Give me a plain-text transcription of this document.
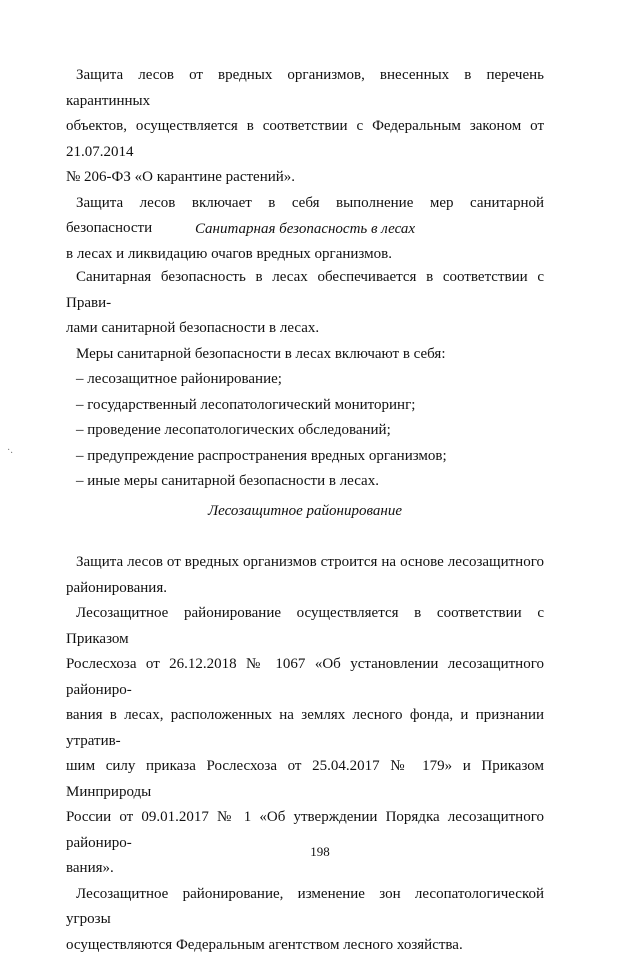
·.

Защита лесов от вредных организмов, внесенных в перечень карантинных
объектов, осуществляется в соответствии с Федеральным законом от 21.07.2014
№ 206-ФЗ «О карантине растений».

Защита лесов включает в себя выполнение мер санитарной безопасности
в лесах и ликвидацию очагов вредных организмов.

Санитарная безопасность в лесах

Санитарная безопасность в лесах обеспечивается в соответствии с Прави-
лами санитарной безопасности в лесах.

Меры санитарной безопасности в лесах включают в себя:

– лесозащитное районирование;

– государственный лесопатологический мониторинг;

– проведение лесопатологических обследований;

– предупреждение распространения вредных организмов;

– иные меры санитарной безопасности в лесах.

Лесозащитное районирование

Защита лесов от вредных организмов строится на основе лесозащитного
районирования.

Лесозащитное районирование осуществляется в соответствии с Приказом
Рослесхоза от 26.12.2018 № 1067 «Об установлении лесозащитного райониро-
вания в лесах, расположенных на землях лесного фонда, и признании утратив-
шим силу приказа Рослесхоза от 25.04.2017 № 179» и Приказом Минприроды
России от 09.01.2017 № 1 «Об утверждении Порядка лесозащитного райониро-
вания».

Лесозащитное районирование, изменение зон лесопатологической угрозы
осуществляются Федеральным агентством лесного хозяйства.

198
